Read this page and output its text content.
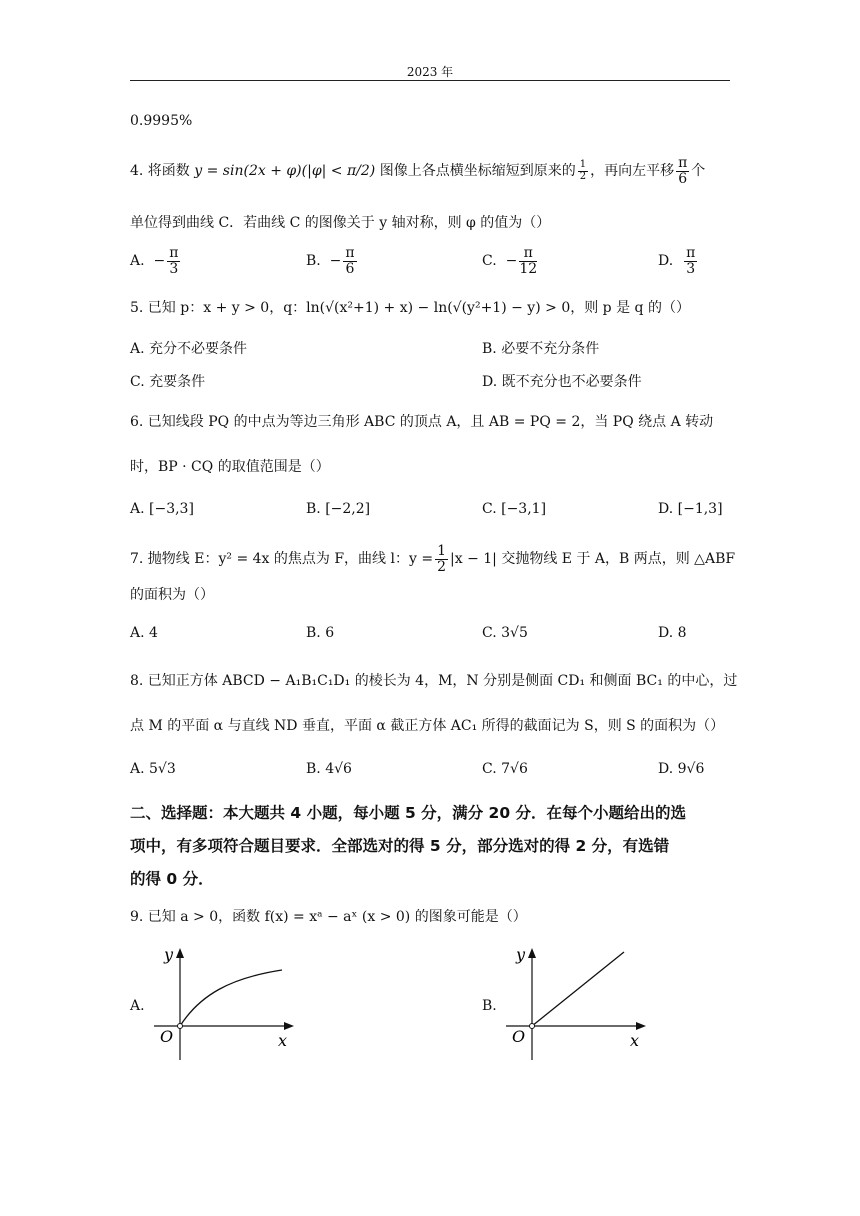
2023 年
0.9995%
4. 将函数 y = sin(2x + φ)(|φ| < π/2) 图像上各点横坐标缩短到原来的 $\frac{1}{2}$ ，再向左平移 $\frac{\pi}{6}$ 个
单位得到曲线 C．若曲线 C 的图像关于 y 轴对称，则 φ 的值为（）
A. − $\frac{\pi}{3}$	B. − $\frac{\pi}{6}$	C. − $\frac{\pi}{12}$	D. $\frac{\pi}{3}$
5. 已知 p：x + y > 0，q：ln(√(x²+1) + x) − ln(√(y²+1) − y) > 0，则 p 是 q 的（）
A. 充分不必要条件	B. 必要不充分条件
C. 充要条件	D. 既不充分也不必要条件
6. 已知线段 PQ 的中点为等边三角形 ABC 的顶点 A，且 AB = PQ = 2，当 PQ 绕点 A 转动
时，BP · CQ 的取值范围是（）
A. [−3,3]	B. [−2,2]	C. [−3,1]	D. [−1,3]
7. 抛物线 E：y² = 4x 的焦点为 F，曲线 l：$y = \frac{1}{2} |x - 1|$ 交抛物线 E 于 A，B 两点，则 △ABF
的面积为（）
A. 4	B. 6	C. 3√5	D. 8
8. 已知正方体 ABCD − A₁B₁C₁D₁ 的棱长为 4，M，N 分别是侧面 CD₁ 和侧面 BC₁ 的中心，过
点 M 的平面 α 与直线 ND 垂直，平面 α 截正方体 AC₁ 所得的截面记为 S，则 S 的面积为（）
A. 5√3	B. 4√6	C. 7√6	D. 9√6
二、选择题：本大题共 4 小题，每小题 5 分，满分 20 分．在每个小题给出的选
项中，有多项符合题目要求．全部选对的得 5 分，部分选对的得 2 分，有选错
的得 0 分．
9. 已知 a > 0，函数 f(x) = xᵃ − aˣ (x > 0) 的图象可能是（）
A.
y
x
O
B.
y
x
O
